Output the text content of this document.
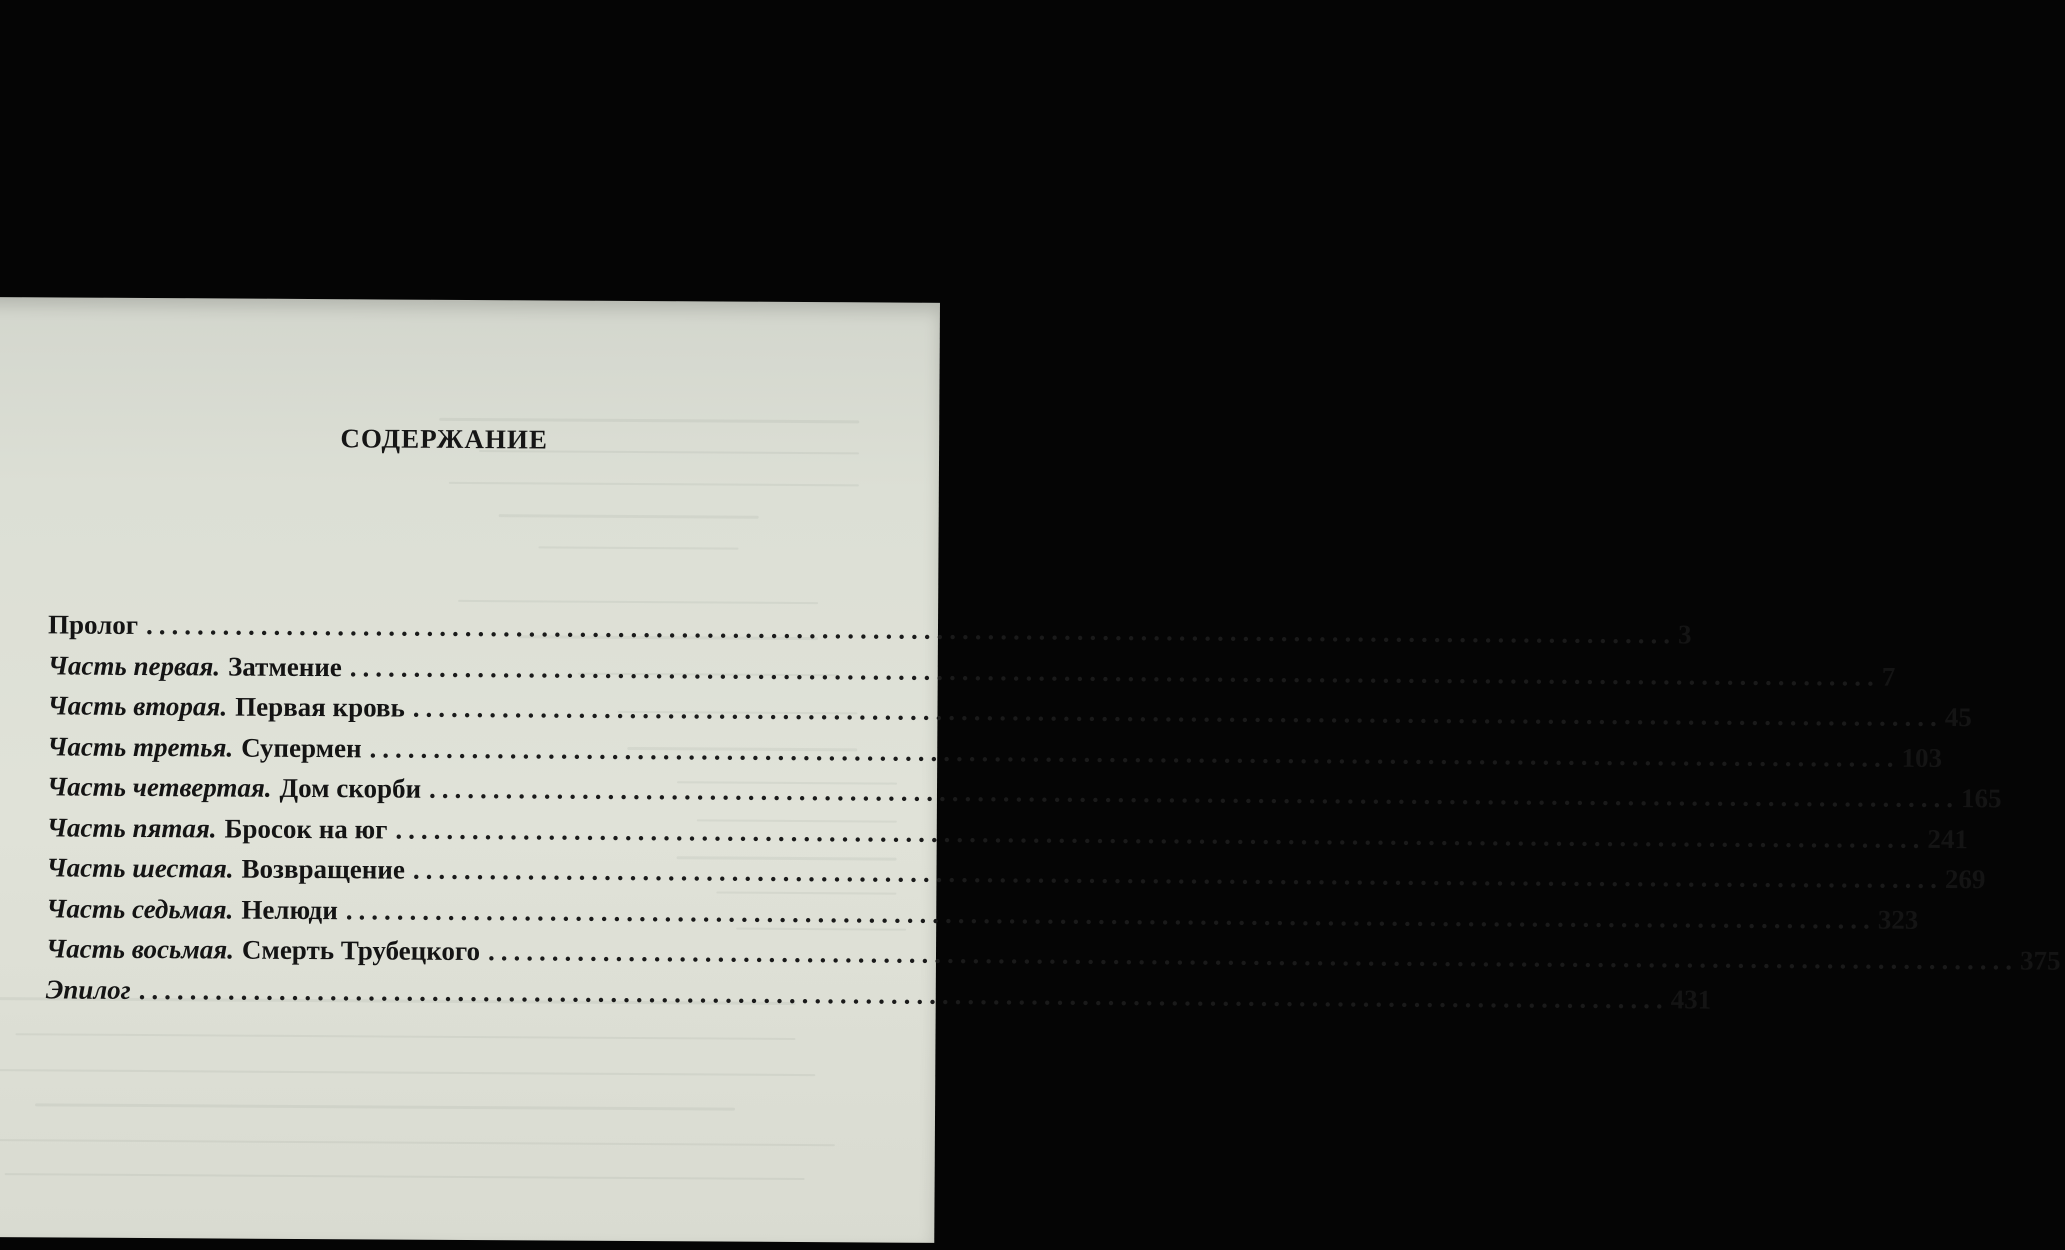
СОДЕРЖАНИЕ
Пролог ........................................................................................................................ 3
Часть первая. Затмение ........................................................................................................................ 7
Часть вторая. Первая кровь ........................................................................................................................ 45
Часть третья. Супермен ........................................................................................................................ 103
Часть четвертая. Дом скорби ........................................................................................................................ 165
Часть пятая. Бросок на юг ........................................................................................................................ 241
Часть шестая. Возвращение ........................................................................................................................ 269
Часть седьмая. Нелюди ........................................................................................................................ 323
Часть восьмая. Смерть Трубецкого ........................................................................................................................ 375
Эпилог ........................................................................................................................ 431
